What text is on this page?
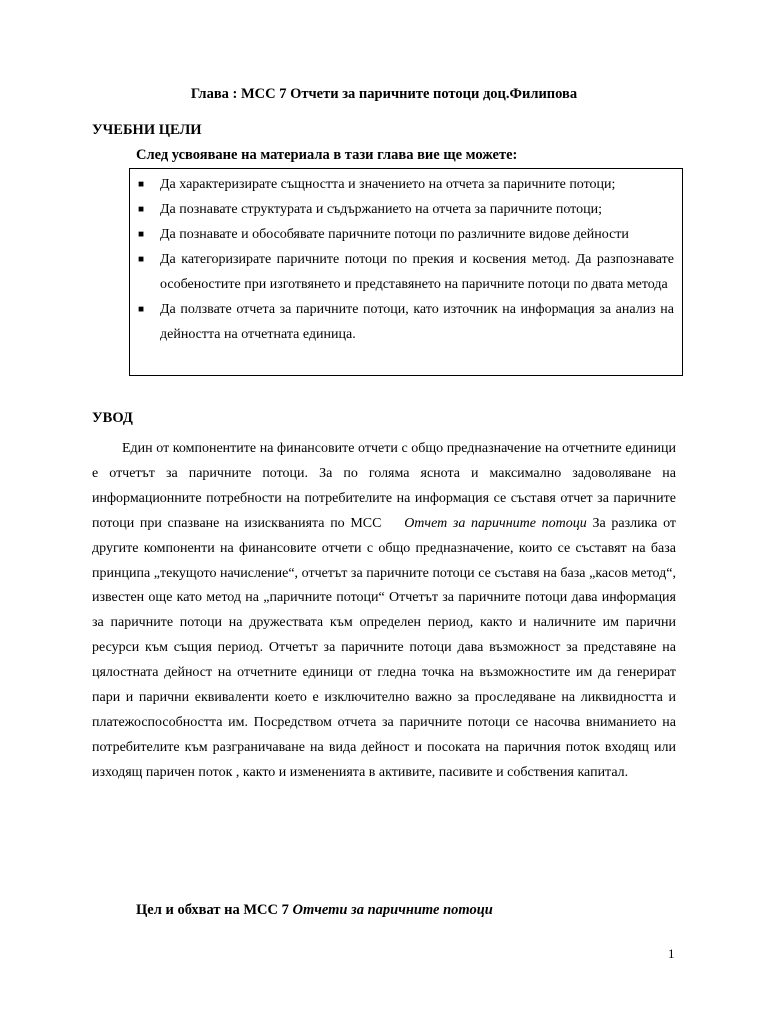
Глава : МСС 7 Отчети за паричните потоци доц.Филипова
УЧЕБНИ ЦЕЛИ
След усвояване на материала в тази глава вие ще можете:
■ Да характеризирате същността и значението на отчета за паричните потоци;
■ Да познавате структурата и съдържанието на отчета за паричните потоци;
■ Да познавате и обособявате паричните потоци по различните видове дейности
■ Да категоризирате паричните потоци по прекия и косвения метод. Да разпознавате особеностите при изготвянето и представянето на паричните потоци по двата метода
■ Да ползвате отчета за паричните потоци, като източник на информация за анализ на дейността на отчетната единица.
УВОД
Един от компонентите на финансовите отчети с общо предназначение на отчетните единици е отчетът за паричните потоци. За по голяма яснота и максимално задоволяване на информационните потребности на потребителите на информация се съставя отчет за паричните потоци при спазване на изискванията по МСС Отчет за паричните потоци За разлика от другите компоненти на финансовите отчети с общо предназначение, които се съставят на база принципа „текущото начисление“, отчетът за паричните потоци се съставя на база „касов метод“, известен още като метод на „паричните потоци“ Отчетът за паричните потоци дава информация за паричните потоци на дружествата към определен период, както и наличните им парични ресурси към същия период. Отчетът за паричните потоци дава възможност за представяне на цялостната дейност на отчетните единици от гледна точка на възможностите им да генерират пари и парични еквиваленти което е изключително важно за проследяване на ликвидността и платежоспособността им. Посредством отчета за паричните потоци се насочва вниманието на потребителите към разграничаване на вида дейност и посоката на паричния поток входящ или изходящ паричен поток , както и измененията в активите, пасивите и собствения капитал.
Цел и обхват на МСС 7 Отчети за паричните потоци
1
